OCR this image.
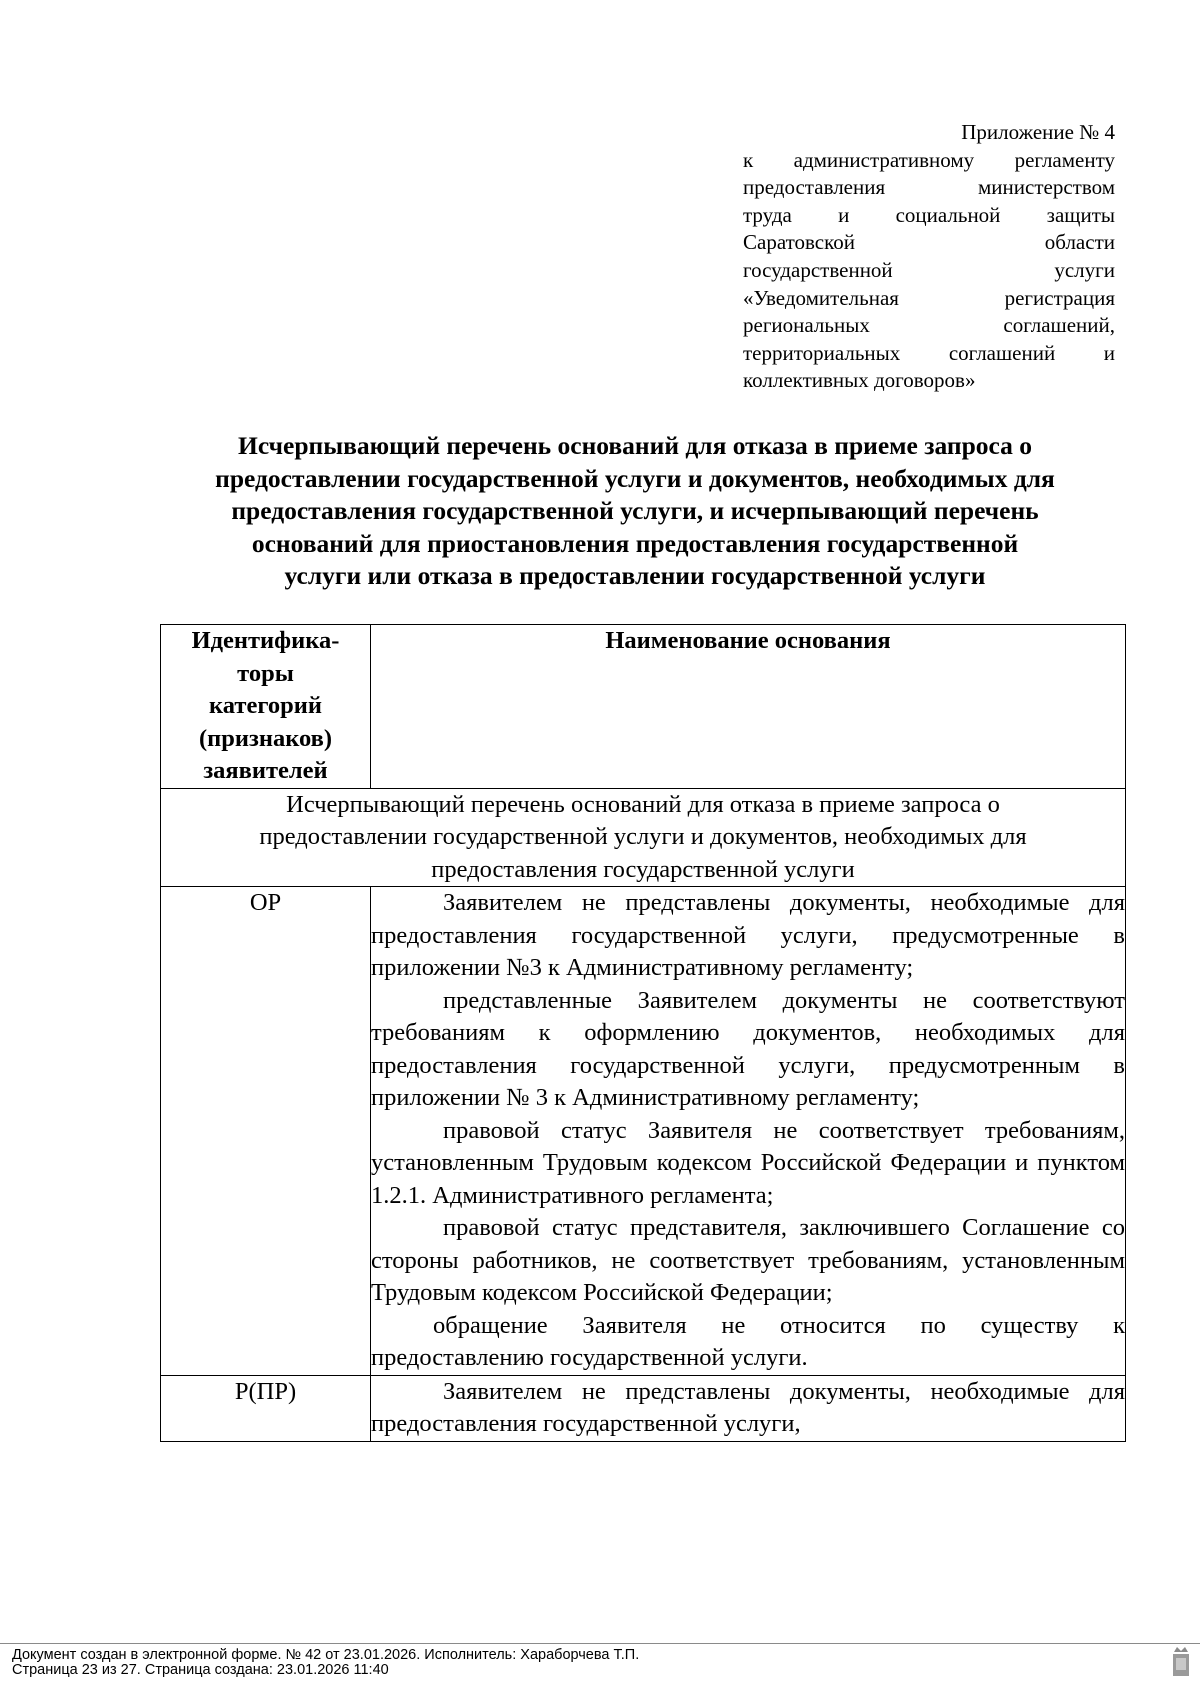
Приложение № 4
к административному регламенту
предоставления министерством
труда и социальной защиты
Саратовской области
государственной услуги
«Уведомительная регистрация
региональных соглашений,
территориальных соглашений и
коллективных договоров»
Исчерпывающий перечень оснований для отказа в приеме запроса о
предоставлении государственной услуги и документов, необходимых для
предоставления государственной услуги, и исчерпывающий перечень
оснований для приостановления предоставления государственной
услуги или отказа в предоставлении государственной услуги
Идентифика-
торы
категорий
(признаков)
заявителей	Наименование основания

Исчерпывающий перечень оснований для отказа в приеме запроса о
предоставлении государственной услуги и документов, необходимых для
предоставления государственной услуги	

ОР	Заявителем не представлены документы, необходимые для предоставления государственной услуги, предусмотренные в приложении №3 к Административному регламенту;
представленные Заявителем документы не соответствуют требованиям к оформлению документов, необходимых для предоставления государственной услуги, предусмотренным в приложении № 3 к Административному регламенту;
правовой статус Заявителя не соответствует требованиям, установленным Трудовым кодексом Российской Федерации и пунктом 1.2.1. Административного регламента;
правовой статус представителя, заключившего Соглашение со стороны работников, не соответствует требованиям, установленным Трудовым кодексом Российской Федерации;
обращение Заявителя не относится по существу к предоставлению государственной услуги.

Р(ПР)	Заявителем не представлены документы, необходимые для предоставления государственной услуги,
Документ создан в электронной форме. № 42 от 23.01.2026. Исполнитель: Хараборчева Т.П.
Страница 23 из 27. Страница создана: 23.01.2026 11:40
